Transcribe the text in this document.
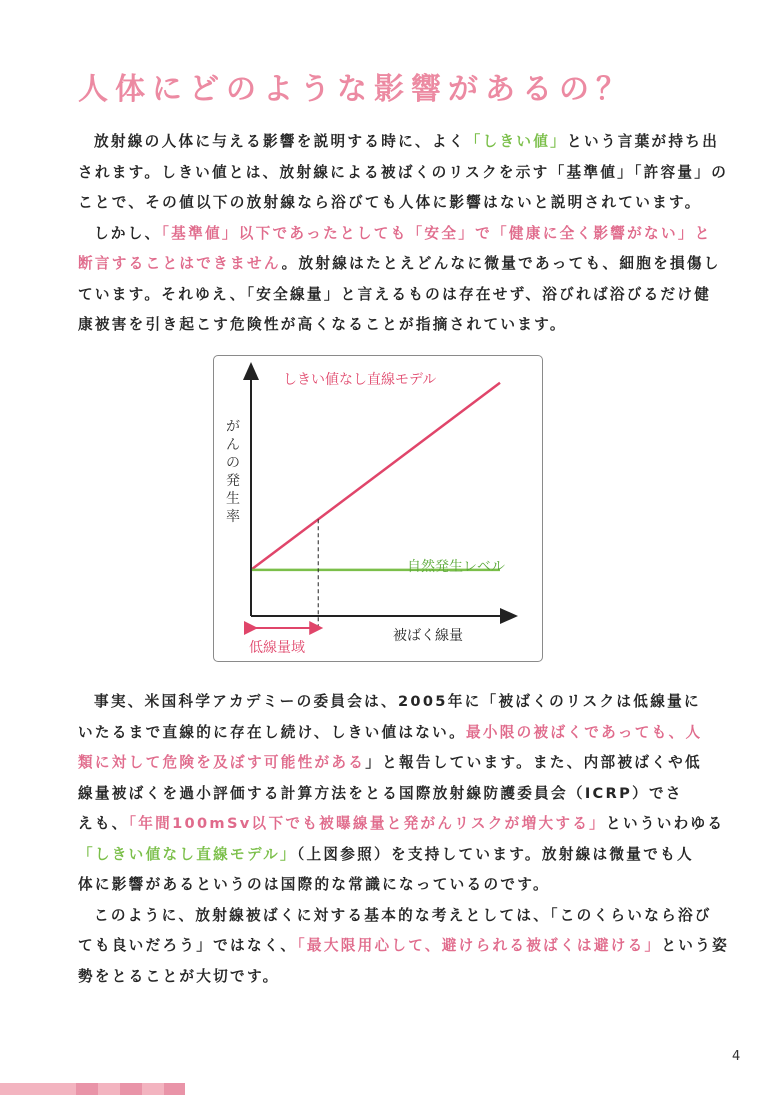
人体にどのような影響があるの？
放射線の人体に与える影響を説明する時に、よく「しきい値」という言葉が持ち出
されます。しきい値とは、放射線による被ばくのリスクを示す「基準値」「許容量」の
ことで、その値以下の放射線なら浴びても人体に影響はないと説明されています。
しかし、「基準値」以下であったとしても「安全」で「健康に全く影響がない」と
断言することはできません。放射線はたとえどんなに微量であっても、細胞を損傷し
ています。それゆえ、「安全線量」と言えるものは存在せず、浴びれば浴びるだけ健
康被害を引き起こす危険性が高くなることが指摘されています。
が
ん
の
発
生
率
しきい値なし直線モデル
自然発生レベル
被ばく線量
低線量域
事実、米国科学アカデミーの委員会は、2005年に「被ばくのリスクは低線量に
いたるまで直線的に存在し続け、しきい値はない。最小限の被ばくであっても、人
類に対して危険を及ぼす可能性がある」と報告しています。また、内部被ばくや低
線量被ばくを過小評価する計算方法をとる国際放射線防護委員会（ICRP）でさ
えも、「年間100mSv以下でも被曝線量と発がんリスクが増大する」といういわゆる
「しきい値なし直線モデル」（上図参照）を支持しています。放射線は微量でも人
体に影響があるというのは国際的な常識になっているのです。
このように、放射線被ばくに対する基本的な考えとしては、「このくらいなら浴び
ても良いだろう」ではなく、「最大限用心して、避けられる被ばくは避ける」という姿
勢をとることが大切です。
4
